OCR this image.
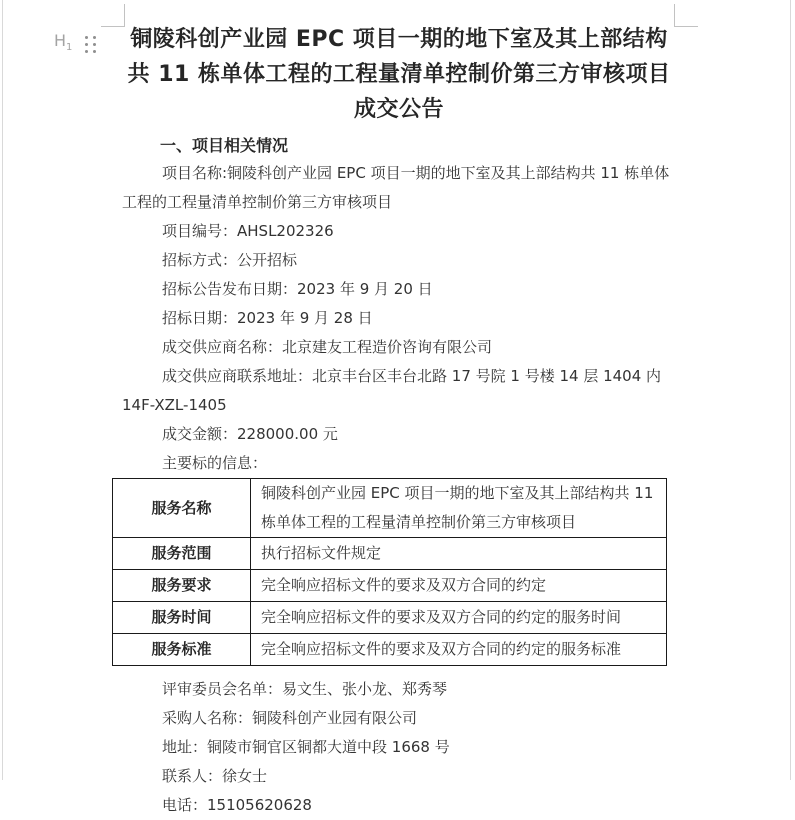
$H_1$	铜陵科创产业园 EPC 项目一期的地下室及其上部结构共 11 栋单体工程的工程量清单控制价第三方审核项目成交公告
一、项目相关情况

项目名称:铜陵科创产业园 EPC 项目一期的地下室及其上部结构共 11 栋单体工程的工程量清单控制价第三方审核项目

项目编号：AHSL202326

招标方式：公开招标

招标公告发布日期：2023 年 9 月 20 日

招标日期：2023 年 9 月 28 日

成交供应商名称：北京建友工程造价咨询有限公司

成交供应商联系地址：北京丰台区丰台北路 17 号院 1 号楼 14 层 1404 内 14F-XZL-1405

成交金额：228000.00 元

主要标的信息：

服务名称	铜陵科创产业园 EPC 项目一期的地下室及其上部结构共 11 栋单体工程的工程量清单控制价第三方审核项目
服务范围	执行招标文件规定
服务要求	完全响应招标文件的要求及双方合同的约定
服务时间	完全响应招标文件的要求及双方合同的约定的服务时间
服务标准	完全响应招标文件的要求及双方合同的约定的服务标准

评审委员会名单：易文生、张小龙、郑秀琴

采购人名称：铜陵科创产业园有限公司

地址：铜陵市铜官区铜都大道中段 1668 号

联系人：徐女士

电话：15105620628
